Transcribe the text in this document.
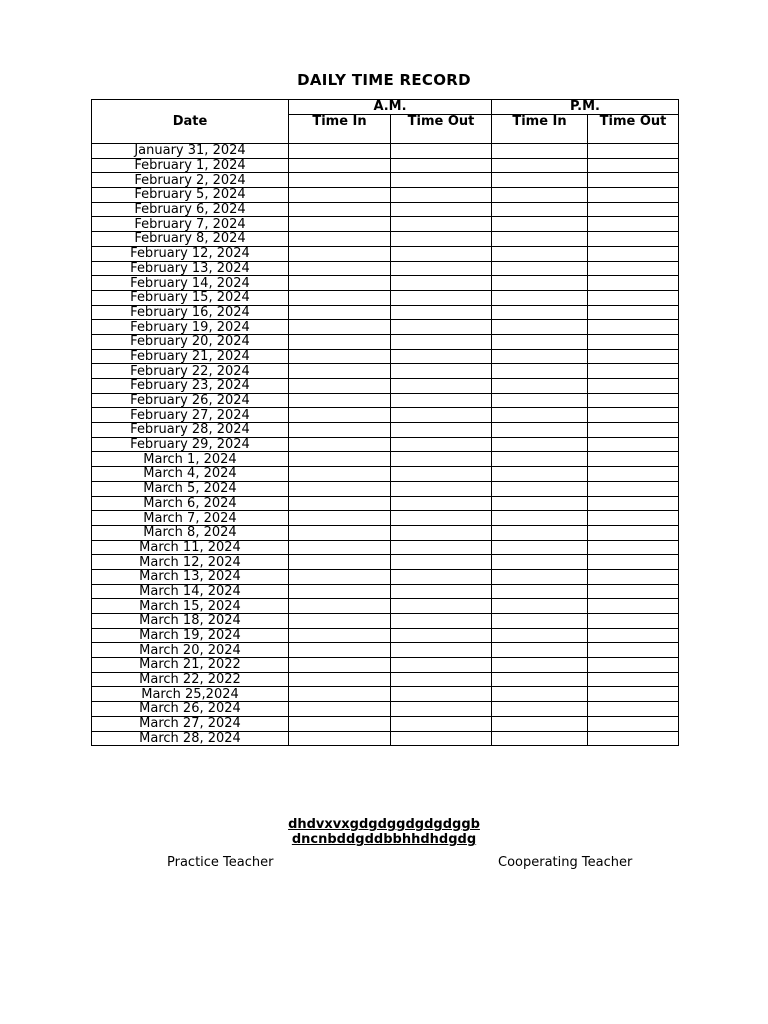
DAILY TIME RECORD
Date	A.M.		P.M.	
	Time In	Time Out	Time In	Time Out
January 31, 2024				
February 1, 2024				
February 2, 2024				
February 5, 2024				
February 6, 2024				
February 7, 2024				
February 8, 2024				
February 12, 2024				
February 13, 2024				
February 14, 2024				
February 15, 2024				
February 16, 2024				
February 19, 2024				
February 20, 2024				
February 21, 2024				
February 22, 2024				
February 23, 2024				
February 26, 2024				
February 27, 2024				
February 28, 2024				
February 29, 2024				
March 1, 2024				
March 4, 2024				
March 5, 2024				
March 6, 2024				
March 7, 2024				
March 8, 2024				
March 11, 2024				
March 12, 2024				
March 13, 2024				
March 14, 2024				
March 15, 2024				
March 18, 2024				
March 19, 2024				
March 20, 2024				
March 21, 2022				
March 22, 2022				
March 25,2024				
March 26, 2024				
March 27, 2024				
March 28, 2024				
dhdvxvxgdgdggdgdgdggb
dncnbddgddbbhhdhdgdg
Practice Teacher	Cooperating Teacher
